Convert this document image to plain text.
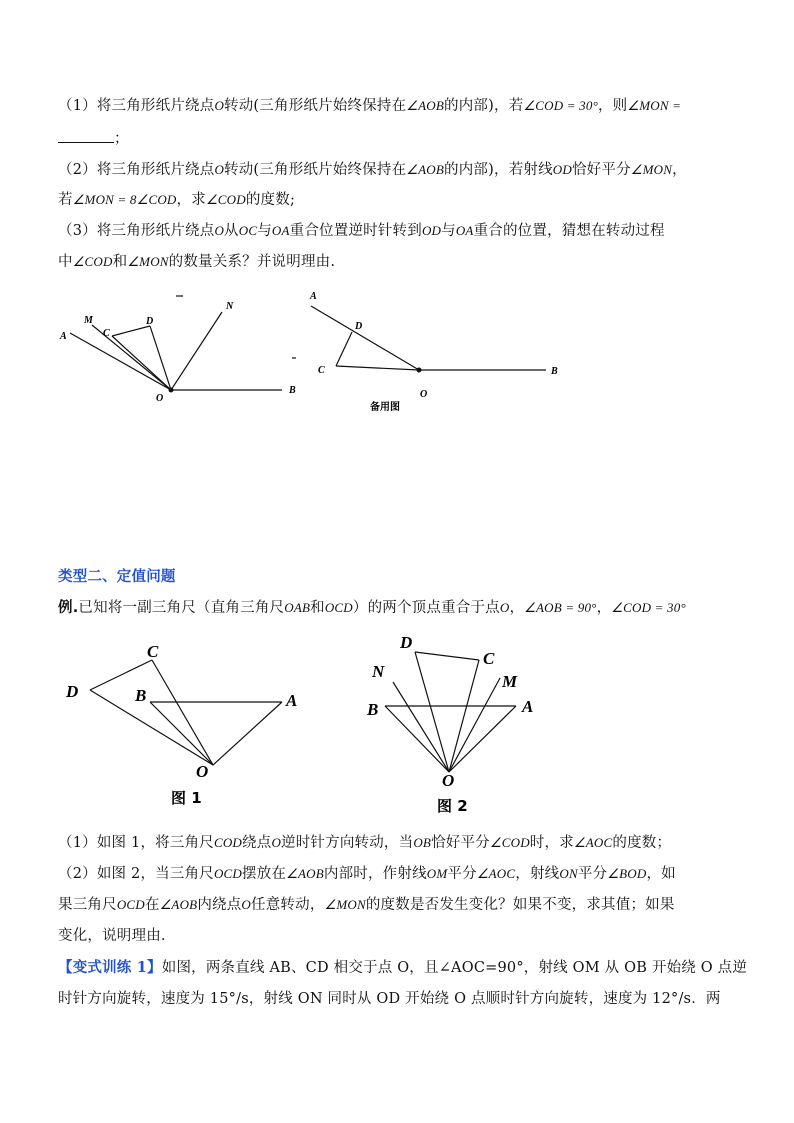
（1）将三角形纸片绕点O转动(三角形纸片始终保持在∠AOB的内部)，若∠COD = 30°，则∠MON =
；
（2）将三角形纸片绕点O转动(三角形纸片始终保持在∠AOB的内部)，若射线OD恰好平分∠MON，
若∠MON = 8∠COD，求∠COD的度数;
（3）将三角形纸片绕点O从OC与OA重合位置逆时针转到OD与OA重合的位置，猜想在转动过程
中∠COD和∠MON的数量关系？并说明理由.
A
M
C
D
N
O
B
A
D
C
O
B
备用图
类型二、定值问题
例.已知将一副三角尺（直角三角尺OAB和OCD）的两个顶点重合于点O，∠AOB = 90°，∠COD = 30°
C
D	B	A
O
图 1
D
C
N
M
B	A
O
图 2
（1）如图 1，将三角尺COD绕点O逆时针方向转动，当OB恰好平分∠COD时，求∠AOC的度数；
（2）如图 2，当三角尺OCD摆放在∠AOB内部时，作射线OM平分∠AOC，射线ON平分∠BOD，如
果三角尺OCD在∠AOB内绕点O任意转动，∠MON的度数是否发生变化？如果不变，求其值；如果
变化，说明理由.
【变式训练 1】如图，两条直线 AB、CD 相交于点 O，且∠AOC=90°，射线 OM 从 OB 开始绕 O 点逆
时针方向旋转，速度为 15°/s，射线 ON 同时从 OD 开始绕 O 点顺时针方向旋转，速度为 12°/s．两
